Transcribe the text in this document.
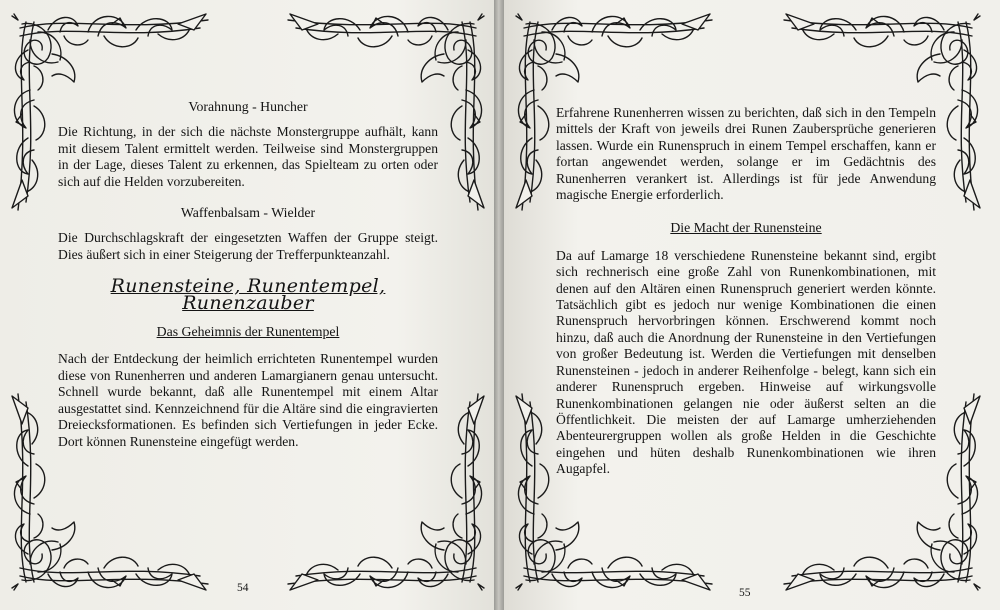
Vorahnung - Huncher

Die Richtung, in der sich die nächste Monstergruppe aufhält, kann mit diesem Talent ermittelt werden. Teilweise sind Monstergruppen in der Lage, dieses Talent zu erkennen, das Spielteam zu orten oder sich auf die Helden vorzubereiten.

Waffenbalsam - Wielder

Die Durchschlagskraft der eingesetzten Waffen der Gruppe steigt. Dies äußert sich in einer Steigerung der Trefferpunkteanzahl.

Runensteine, Runentempel, Runenzauber
Das Geheimnis der Runentempel

Nach der Entdeckung der heimlich errichteten Runentempel wurden diese von Runenherren und anderen Lamargianern genau untersucht. Schnell wurde bekannt, daß alle Runentempel mit einem Altar ausgestattet sind. Kennzeichnend für die Altäre sind die eingravierten Dreiecksformationen. Es befinden sich Vertiefungen in jeder Ecke. Dort können Runensteine eingefügt werden.

54

Erfahrene Runenherren wissen zu berichten, daß sich in den Tempeln mittels der Kraft von jeweils drei Runen Zaubersprüche generieren lassen. Wurde ein Runenspruch in einem Tempel erschaffen, kann er fortan angewendet werden, solange er im Gedächtnis des Runenherren verankert ist. Allerdings ist für jede Anwendung magische Energie erforderlich.

Die Macht der Runensteine

Da auf Lamarge 18 verschiedene Runensteine bekannt sind, ergibt sich rechnerisch eine große Zahl von Runenkombinationen, mit denen auf den Altären einen Runenspruch generiert werden könnte. Tatsächlich gibt es jedoch nur wenige Kombinationen die einen Runenspruch hervorbringen können. Erschwerend kommt noch hinzu, daß auch die Anordnung der Runensteine in den Vertiefungen von großer Bedeutung ist. Werden die Vertiefungen mit denselben Runensteinen - jedoch in anderer Reihenfolge - belegt, kann sich ein anderer Runenspruch ergeben. Hinweise auf wirkungsvolle Runenkombinationen gelangen nie oder äußerst selten an die Öffentlichkeit. Die meisten der auf Lamarge umherziehenden Abenteurergruppen wollen als große Helden in die Geschichte eingehen und hüten deshalb Runenkombinationen wie ihren Augapfel.

55
